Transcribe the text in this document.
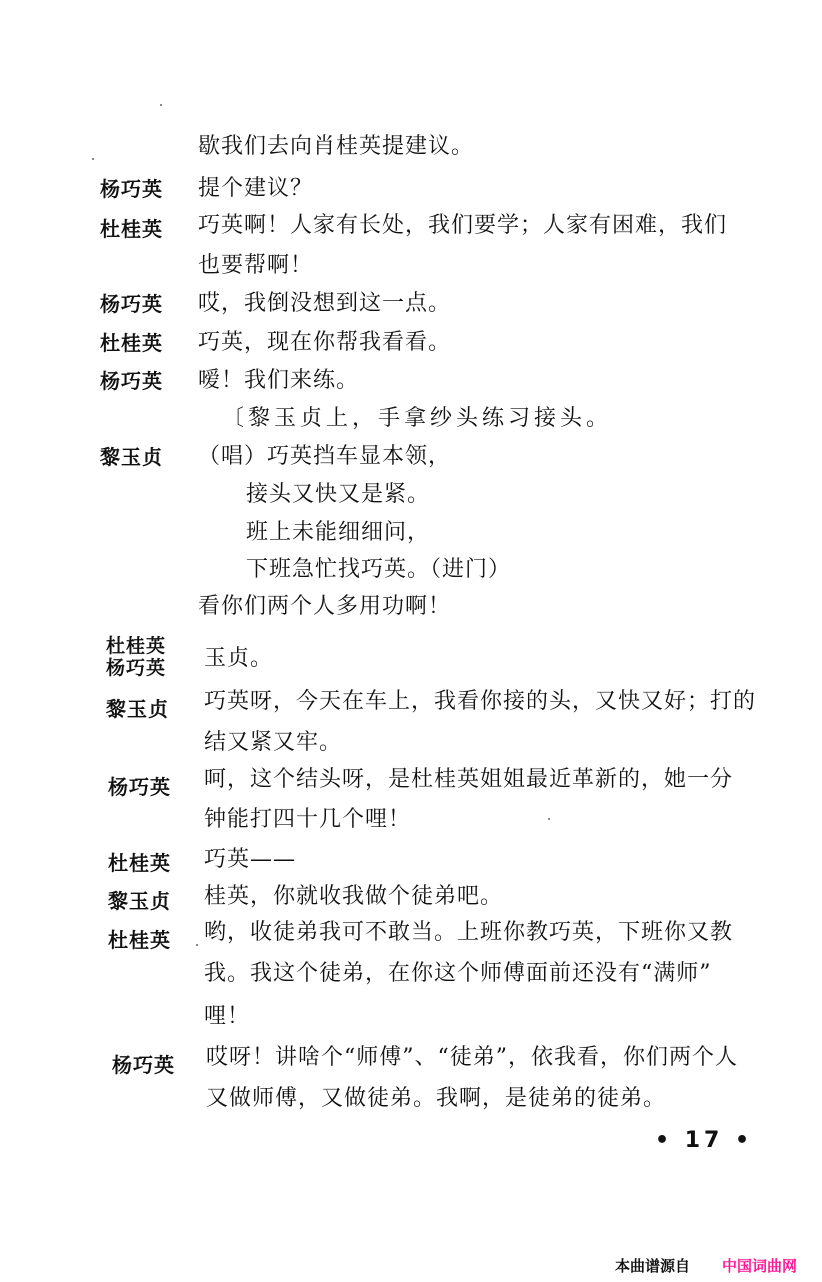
歇我们去向肖桂英提建议。
杨巧英 提个建议？
杜桂英 巧英啊！人家有长处，我们要学；人家有困难，我们
也要帮啊！
杨巧英 哎，我倒没想到这一点。
杜桂英 巧英，现在你帮我看看。
杨巧英 嗳！我们来练。
〔黎玉贞上，手拿纱头练习接头。
黎玉贞 （唱）巧英挡车显本领，
接头又快又是紧。
班上未能细细问，
下班急忙找巧英。（进门）
看你们两个人多用功啊！
杜桂英
杨巧英 玉贞。
黎玉贞 巧英呀，今天在车上，我看你接的头，又快又好；打的
结又紧又牢。
杨巧英 呵，这个结头呀，是杜桂英姐姐最近革新的，她一分
钟能打四十几个哩！
杜桂英 巧英——
黎玉贞 桂英，你就收我做个徒弟吧。
杜桂英 哟，收徒弟我可不敢当。上班你教巧英，下班你又教
我。我这个徒弟，在你这个师傅面前还没有“满师”
哩！
杨巧英 哎呀！讲啥个“师傅”、“徒弟”，依我看，你们两个人
又做师傅，又做徒弟。我啊，是徒弟的徒弟。
• 17 •
本曲谱源自 中国词曲网
